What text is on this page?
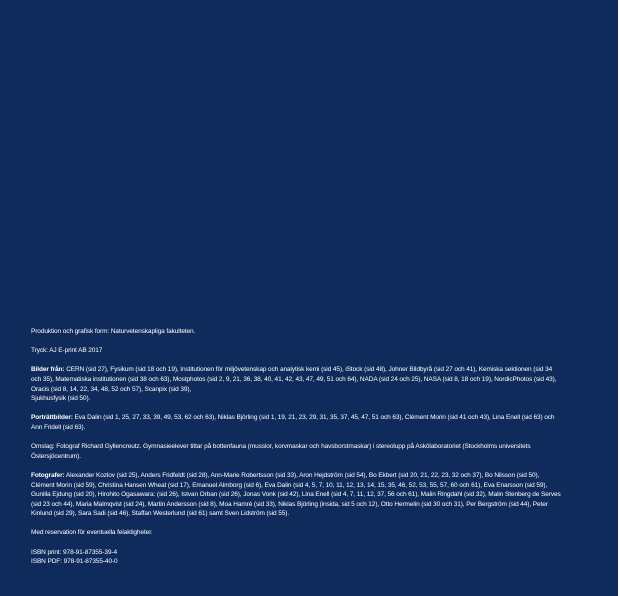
Produktion och grafisk form: Naturvetenskapliga fakulteten.

Tryck: AJ E-print AB 2017

Bilder från: CERN (sid 27), Fysikum (sid 18 och 19), Institutionen för miljövetenskap och analytisk kemi (sid 45), iStock (sid 48), Johner Bildbyrå (sid 27 och 41), Kemiska sektionen (sid 34 och 35), Matematiska institutionen (sid 38 och 63), Mostphotos (sid 2, 9, 21, 36, 38, 40, 41, 42, 43, 47, 49, 51 och 64), NADA (sid 24 och 25), NASA (sid 8, 18 och 19), NordicPhotos (sid 43), Oracis (sid 8, 14, 22, 34, 48, 52 och 57), Scanpix (sid 39),

Sjukhusfysik (sid 50).

Porträttbilder: Eva Dalin (sid 1, 25, 27, 33, 39, 49, 53, 62 och 63), Niklas Björling (sid 1, 19, 21, 23, 29, 31, 35, 37, 45, 47, 51 och 63), Clément Morin (sid 41 och 43), Lina Enell (sid 63) och Ann Fridell (sid 63).

Omslag: Fotograf Richard Gyllencreutz. Gymnasieelever tittar på bottenfauna (musslor, korvmaskar och havsborstmaskar) i stereolupp på Askölaboratoriet (Stockholms universitets Östersjöcentrum).

Fotografer: Alexander Kozlov (sid 25), Anders Fridfeldt (sid 28), Ann-Marie Robertsson (sid 33), Aron Hejdström (sid 54), Bo Ekbert (sid 20, 21, 22, 23, 32 och 37), Bo Nilsson (sid 50), Clément Morin (sid 59), Christina Hansen Wheat (sid 17), Emanuel Almborg (sid 6), Eva Dalin (sid 4, 5, 7, 10, 11, 12, 13, 14, 15, 35, 46, 52, 53, 55, 57, 60 och 61), Eva Enarsson (sid 59), Gunilla Ejdung (sid 20), Hirohito Ogasawara: (sid 26), Istvan Orban (sid 26), Jonas Vonk (sid 42), Lina Enell (sid 4, 7, 11, 12, 37, 56 och 61), Malin Ringdahl (sid 32), Malin Stenberg de Serves (sid 23 och 44), Maria Malmqvist (sid 24), Martin Andersson (sid 8), Moa Hamré (sid 33), Niklas Björling (insida, sid 5 och 12), Otto Hermelin (sid 30 och 31), Per Bergström (sid 44), Peter Kinlund (sid 29), Sara Sadi (sid 46), Staffan Westerlund (sid 61) samt Sven Lidström (sid 55).

Med reservation för eventuella felaktigheter.

ISBN print: 978-91-87355-39-4

ISBN PDF: 978-91-87355-40-0
